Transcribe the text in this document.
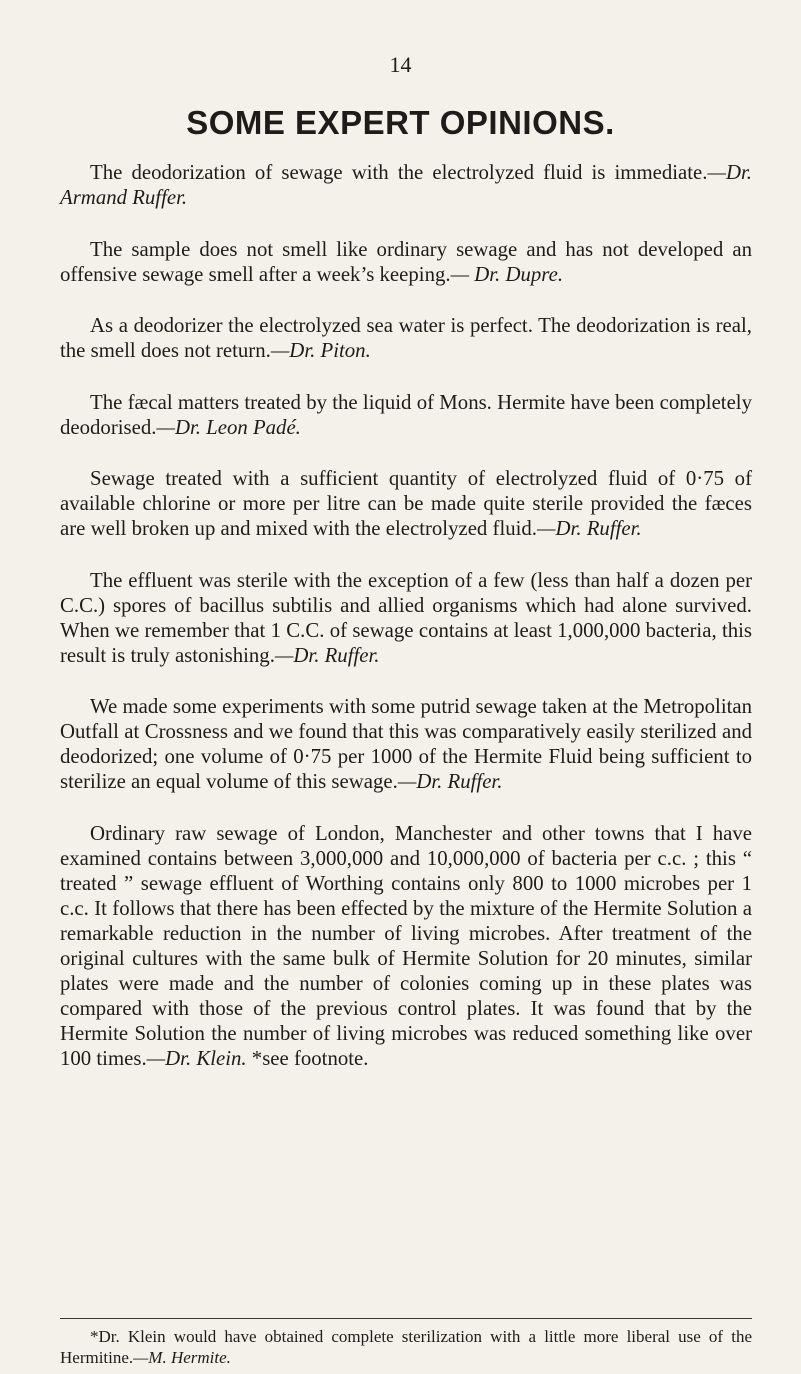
14
SOME EXPERT OPINIONS.

The deodorization of sewage with the electrolyzed fluid is immediate.—Dr. Armand Ruffer.

The sample does not smell like ordinary sewage and has not developed an offensive sewage smell after a week’s keeping.— Dr. Dupre.

As a deodorizer the electrolyzed sea water is perfect. The deodorization is real, the smell does not return.—Dr. Piton.

The fæcal matters treated by the liquid of Mons. Hermite have been completely deodorised.—Dr. Leon Padé.

Sewage treated with a sufficient quantity of electrolyzed fluid of 0·75 of available chlorine or more per litre can be made quite sterile provided the fæces are well broken up and mixed with the electrolyzed fluid.—Dr. Ruffer.

The effluent was sterile with the exception of a few (less than half a dozen per C.C.) spores of bacillus subtilis and allied organisms which had alone survived. When we remember that 1 C.C. of sewage contains at least 1,000,000 bacteria, this result is truly astonishing.—Dr. Ruffer.

We made some experiments with some putrid sewage taken at the Metropolitan Outfall at Crossness and we found that this was comparatively easily sterilized and deodorized; one volume of 0·75 per 1000 of the Hermite Fluid being sufficient to sterilize an equal volume of this sewage.—Dr. Ruffer.

Ordinary raw sewage of London, Manchester and other towns that I have examined contains between 3,000,000 and 10,000,000 of bacteria per c.c. ; this “ treated ” sewage effluent of Worthing contains only 800 to 1000 microbes per 1 c.c. It follows that there has been effected by the mixture of the Hermite Solution a remarkable reduction in the number of living microbes. After treatment of the original cultures with the same bulk of Hermite Solution for 20 minutes, similar plates were made and the number of colonies coming up in these plates was compared with those of the previous control plates. It was found that by the Hermite Solution the number of living microbes was reduced something like over 100 times.—Dr. Klein. *see footnote.

*Dr. Klein would have obtained complete sterilization with a little more liberal use of the Hermitine.—M. Hermite.
